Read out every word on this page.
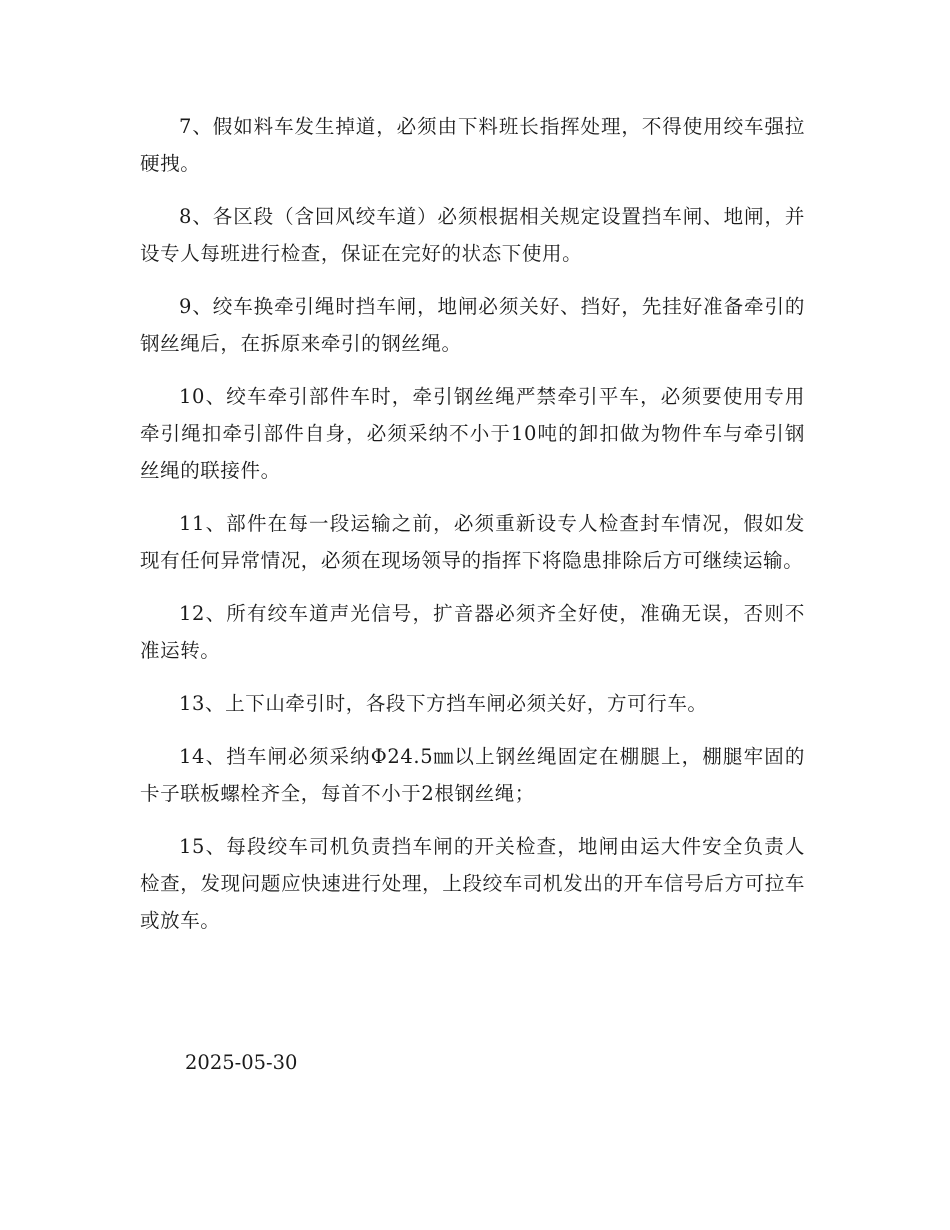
7、假如料车发生掉道，必须由下料班长指挥处理，不得使用绞车强拉硬拽。

8、各区段（含回风绞车道）必须根据相关规定设置挡车闸、地闸，并设专人每班进行检查，保证在完好的状态下使用。

9、绞车换牵引绳时挡车闸，地闸必须关好、挡好，先挂好准备牵引的钢丝绳后，在拆原来牵引的钢丝绳。

10、绞车牵引部件车时，牵引钢丝绳严禁牵引平车，必须要使用专用牵引绳扣牵引部件自身，必须采纳不小于10吨的卸扣做为物件车与牵引钢丝绳的联接件。

11、部件在每一段运输之前，必须重新设专人检查封车情况，假如发现有任何异常情况，必须在现场领导的指挥下将隐患排除后方可继续运输。

12、所有绞车道声光信号，扩音器必须齐全好使，准确无误，否则不准运转。

13、上下山牵引时，各段下方挡车闸必须关好，方可行车。

14、挡车闸必须采纳Φ24.5㎜以上钢丝绳固定在棚腿上，棚腿牢固的卡子联板螺栓齐全，每首不小于2根钢丝绳；

15、每段绞车司机负责挡车闸的开关检查，地闸由运大件安全负责人检查，发现问题应快速进行处理，上段绞车司机发出的开车信号后方可拉车或放车。

2025-05-30
